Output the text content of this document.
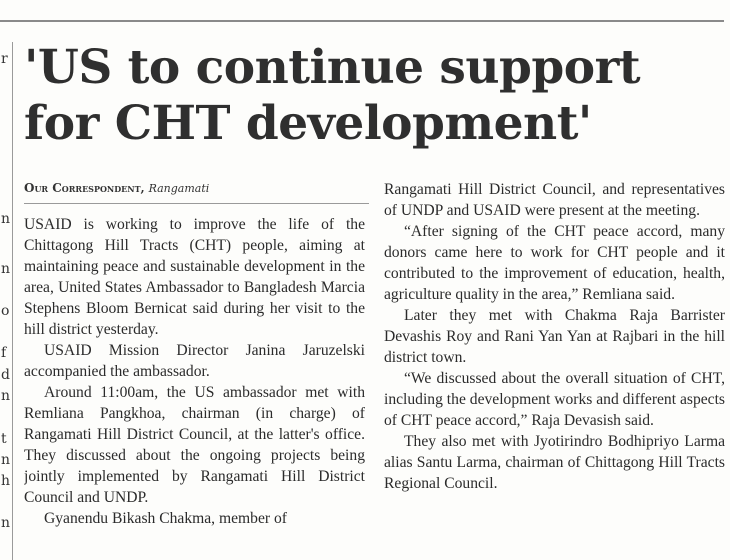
r
n
n
o
f
d
n
t
n
h
n
'US to continue support for CHT development'
Our Correspondent, Rangamati

USAID is working to improve the life of the Chittagong Hill Tracts (CHT) people, aiming at maintaining peace and sustainable development in the area, United States Ambassador to Bangladesh Marcia Stephens Bloom Bernicat said during her visit to the hill district yesterday.

USAID Mission Director Janina Jaruzelski accompanied the ambassador.

Around 11:00am, the US ambassador met with Remliana Pangkhoa, chairman (in charge) of Rangamati Hill District Council, at the latter's office. They discussed about the ongoing projects being jointly implemented by Rangamati Hill District Council and UNDP.

Gyanendu Bikash Chakma, member of

Rangamati Hill District Council, and representatives of UNDP and USAID were present at the meeting.

“After signing of the CHT peace accord, many donors came here to work for CHT people and it contributed to the improvement of education, health, agriculture quality in the area,” Remliana said.

Later they met with Chakma Raja Barrister Devashis Roy and Rani Yan Yan at Rajbari in the hill district town.

“We discussed about the overall situation of CHT, including the development works and different aspects of CHT peace accord,” Raja Devasish said.

They also met with Jyotirindro Bodhipriyo Larma alias Santu Larma, chairman of Chittagong Hill Tracts Regional Council.
